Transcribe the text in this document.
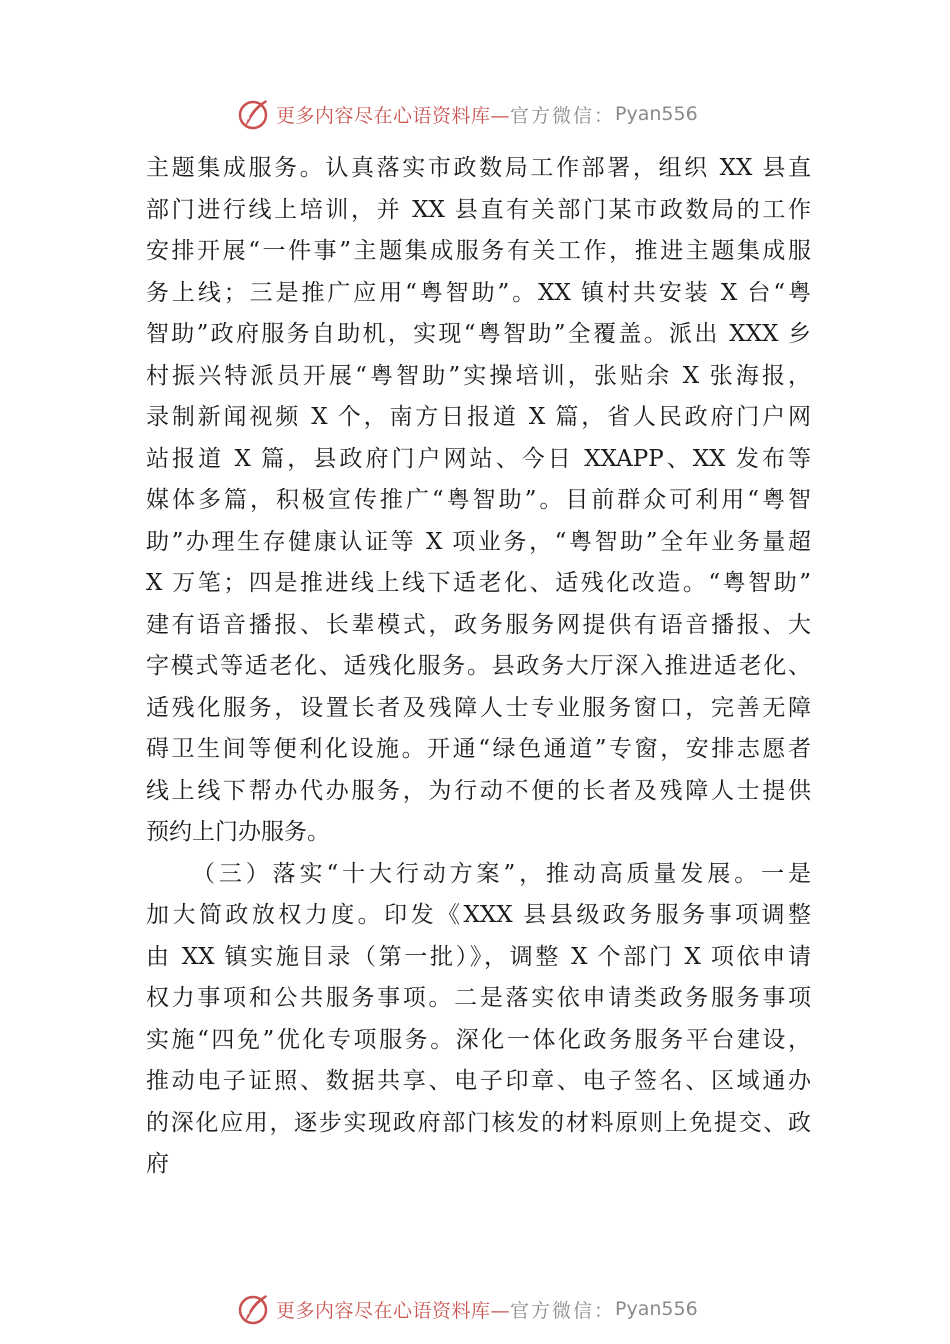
更多内容尽在心语资料库— 官方微信： Pyan556
主题集成服务。认真落实市政数局工作部署，组织 XX 县直
部门进行线上培训，并 XX 县直有关部门某市政数局的工作
安排开展“一件事”主题集成服务有关工作，推进主题集成服
务上线；三是推广应用“粤智助”。XX 镇村共安装 X 台“粤
智助”政府服务自助机，实现“粤智助”全覆盖。派出 XXX 乡
村振兴特派员开展“粤智助”实操培训，张贴余 X 张海报，
录制新闻视频 X 个，南方日报道 X 篇，省人民政府门户网
站报道 X 篇，县政府门户网站、今日 XXAPP、XX 发布等
媒体多篇，积极宣传推广“粤智助”。目前群众可利用“粤智
助”办理生存健康认证等 X 项业务，“粤智助”全年业务量超
X 万笔；四是推进线上线下适老化、适残化改造。“粤智助”
建有语音播报、长辈模式，政务服务网提供有语音播报、大
字模式等适老化、适残化服务。县政务大厅深入推进适老化、
适残化服务，设置长者及残障人士专业服务窗口，完善无障
碍卫生间等便利化设施。开通“绿色通道”专窗，安排志愿者
线上线下帮办代办服务，为行动不便的长者及残障人士提供
预约上门办服务。
（三）落实“十大行动方案”，推动高质量发展。一是
加大简政放权力度。印发《XXX 县县级政务服务事项调整
由 XX 镇实施目录（第一批）》，调整 X 个部门 X 项依申请
权力事项和公共服务事项。二是落实依申请类政务服务事项
实施“四免”优化专项服务。深化一体化政务服务平台建设，
推动电子证照、数据共享、电子印章、电子签名、区域通办
的深化应用，逐步实现政府部门核发的材料原则上免提交、政
府
更多内容尽在心语资料库— 官方微信： Pyan556
